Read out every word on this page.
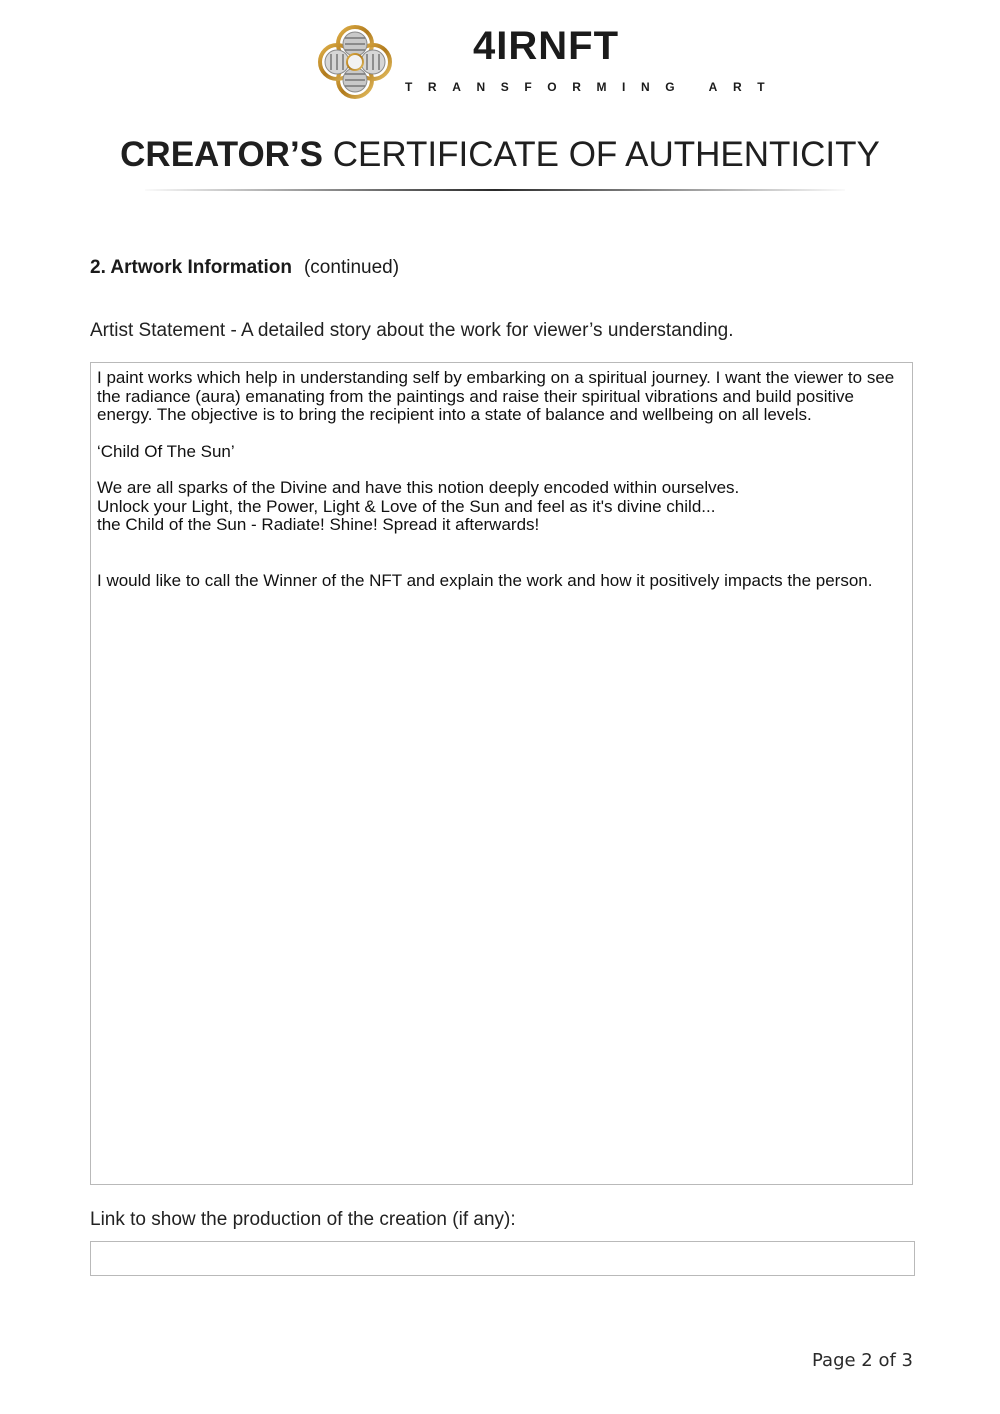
4IRNFT
TRANSFORMING ART
CREATOR’S CERTIFICATE OF AUTHENTICITY
2. Artwork Information (continued)
Artist Statement - A detailed story about the work for viewer’s understanding.

I paint works which help in understanding self by embarking on a spiritual journey. I want the viewer to see the radiance (aura) emanating from the paintings and raise their spiritual vibrations and build positive energy. The objective is to bring the recipient into a state of balance and wellbeing on all levels.

‘Child Of The Sun’

We are all sparks of the Divine and have this notion deeply encoded within ourselves.

Unlock your Light, the Power, Light & Love of the Sun and feel as it's divine child...

the Child of the Sun - Radiate! Shine! Spread it afterwards!

I would like to call the Winner of the NFT and explain the work and how it positively impacts the person.

Link to show the production of the creation (if any):
Page 2 of 3
